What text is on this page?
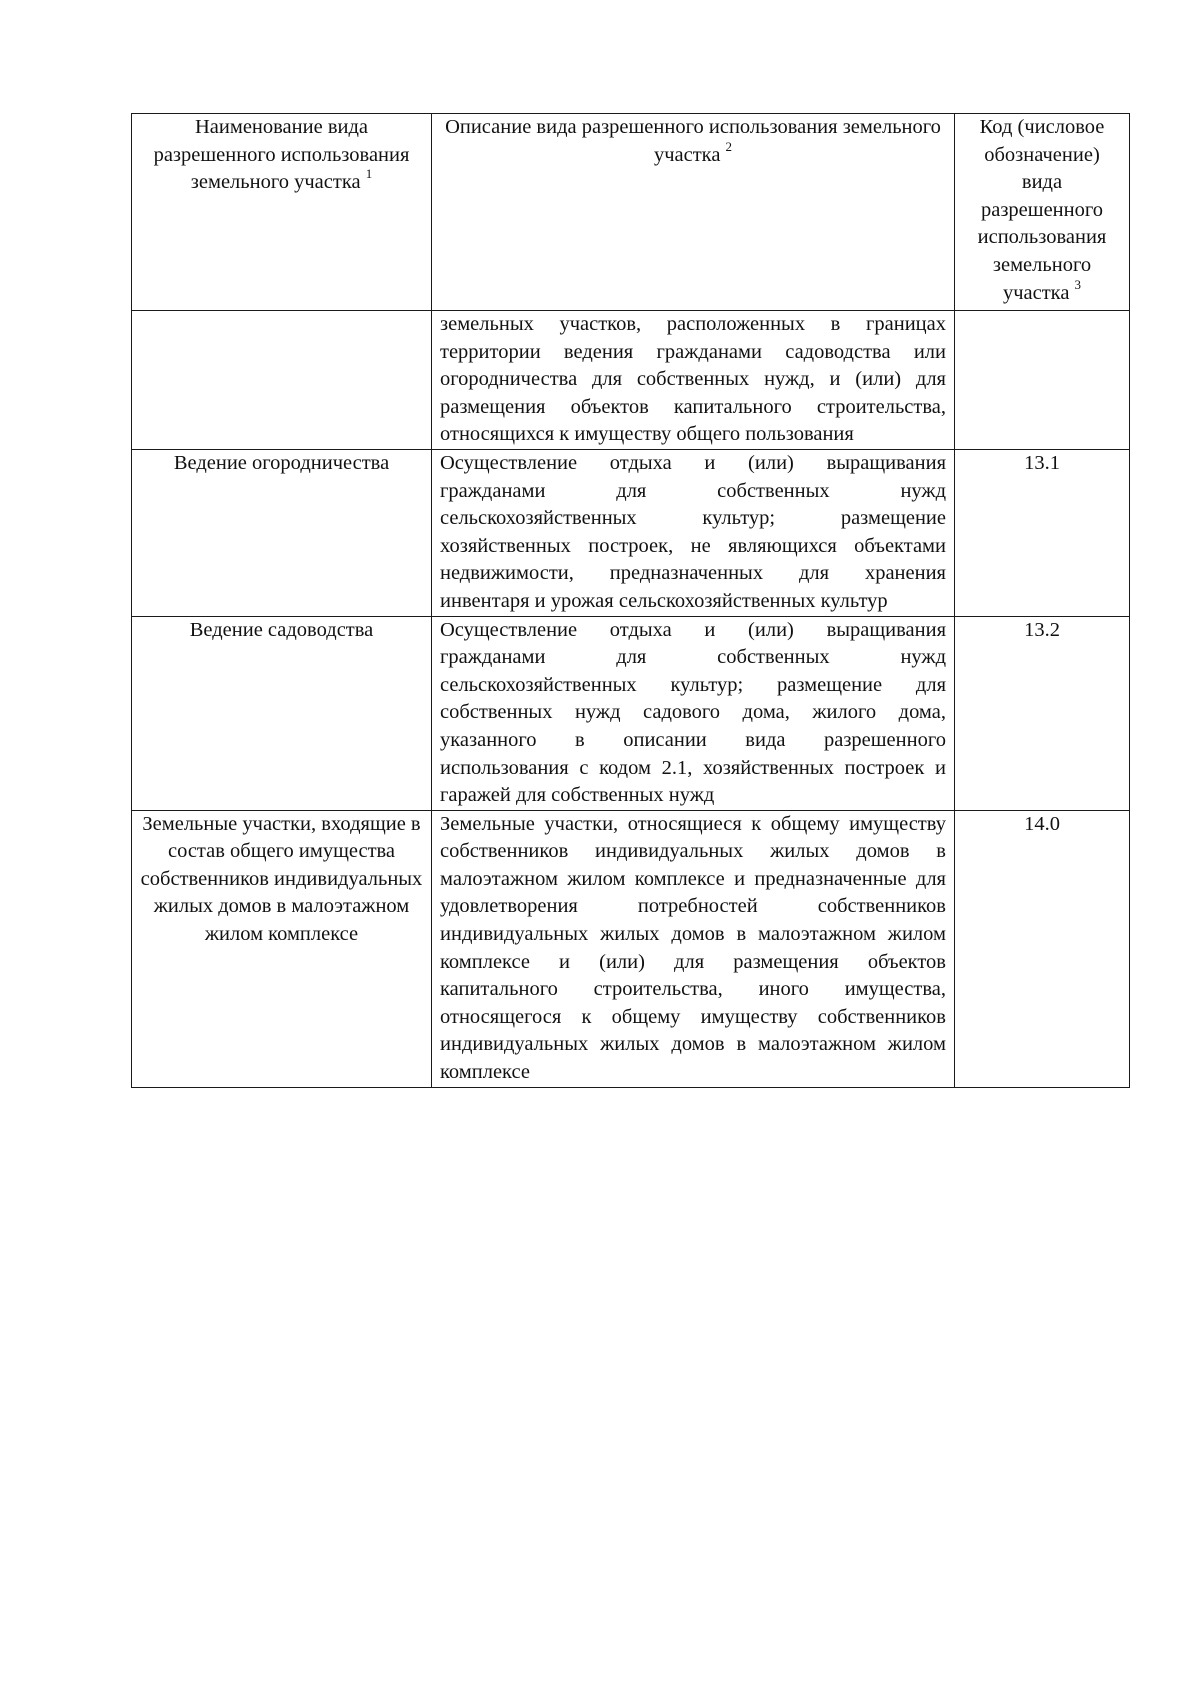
Наименование вида разрешенного использования земельного участка $^1$	Описание вида разрешенного использования земельного участка $^2$	Код (числовое обозначение) вида разрешенного использования земельного участка $^3$
	земельных участков, расположенных в границах территории ведения гражданами садоводства или огородничества для собственных нужд, и (или) для размещения объектов капитального строительства, относящихся к имуществу общего пользования	
Ведение огородничества	Осуществление отдыха и (или) выращивания гражданами для собственных нужд сельскохозяйственных культур; размещение хозяйственных построек, не являющихся объектами недвижимости, предназначенных для хранения инвентаря и урожая сельскохозяйственных культур	13.1
Ведение садоводства	Осуществление отдыха и (или) выращивания гражданами для собственных нужд сельскохозяйственных культур; размещение для собственных нужд садового дома, жилого дома, указанного в описании вида разрешенного использования с кодом 2.1, хозяйственных построек и гаражей для собственных нужд	13.2
Земельные участки, входящие в состав общего имущества собственников индивидуальных жилых домов в малоэтажном жилом комплексе	Земельные участки, относящиеся к общему имуществу собственников индивидуальных жилых домов в малоэтажном жилом комплексе и предназначенные для удовлетворения потребностей собственников индивидуальных жилых домов в малоэтажном жилом комплексе и (или) для размещения объектов капитального строительства, иного имущества, относящегося к общему имуществу собственников индивидуальных жилых домов в малоэтажном жилом комплексе	14.0
